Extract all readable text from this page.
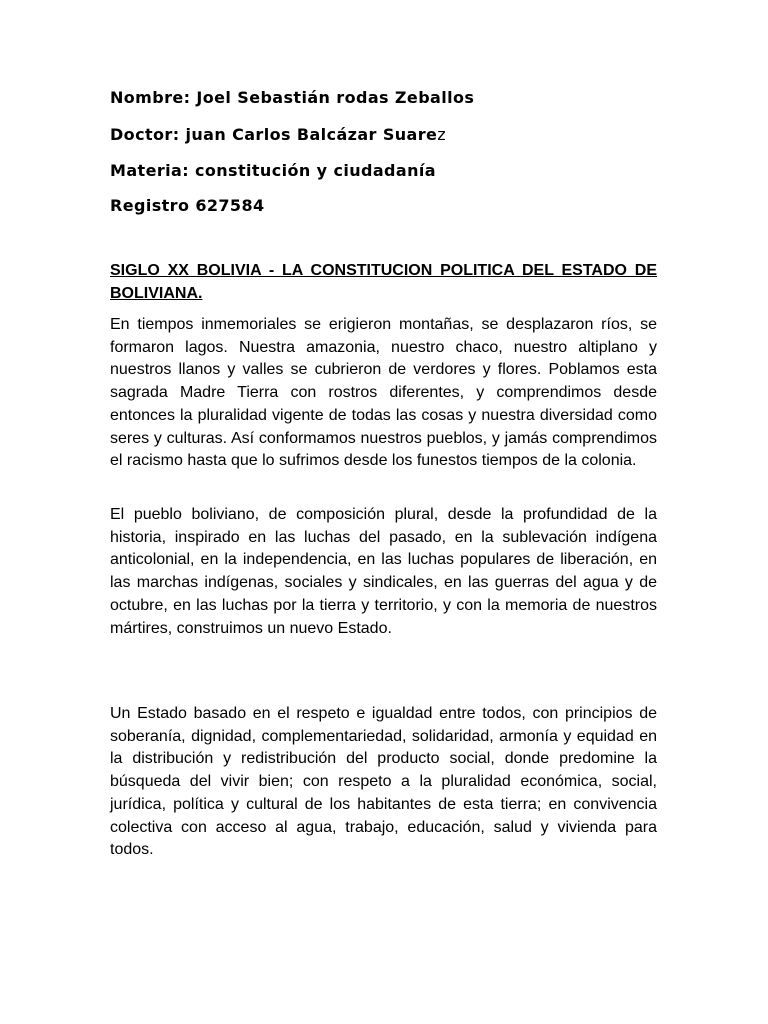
Nombre: Joel Sebastián rodas Zeballos
Doctor: juan Carlos Balcázar Suarez
Materia: constitución y ciudadanía
Registro 627584
SIGLO XX BOLIVIA - LA CONSTITUCION POLITICA DEL ESTADO DE BOLIVIANA.

En tiempos inmemoriales se erigieron montañas, se desplazaron ríos, se formaron lagos. Nuestra amazonia, nuestro chaco, nuestro altiplano y nuestros llanos y valles se cubrieron de verdores y flores. Poblamos esta sagrada Madre Tierra con rostros diferentes, y comprendimos desde entonces la pluralidad vigente de todas las cosas y nuestra diversidad como seres y culturas. Así conformamos nuestros pueblos, y jamás comprendimos el racismo hasta que lo sufrimos desde los funestos tiempos de la colonia.

El pueblo boliviano, de composición plural, desde la profundidad de la historia, inspirado en las luchas del pasado, en la sublevación indígena anticolonial, en la independencia, en las luchas populares de liberación, en las marchas indígenas, sociales y sindicales, en las guerras del agua y de octubre, en las luchas por la tierra y territorio, y con la memoria de nuestros mártires, construimos un nuevo Estado.

Un Estado basado en el respeto e igualdad entre todos, con principios de soberanía, dignidad, complementariedad, solidaridad, armonía y equidad en la distribución y redistribución del producto social, donde predomine la búsqueda del vivir bien; con respeto a la pluralidad económica, social, jurídica, política y cultural de los habitantes de esta tierra; en convivencia colectiva con acceso al agua, trabajo, educación, salud y vivienda para todos.
